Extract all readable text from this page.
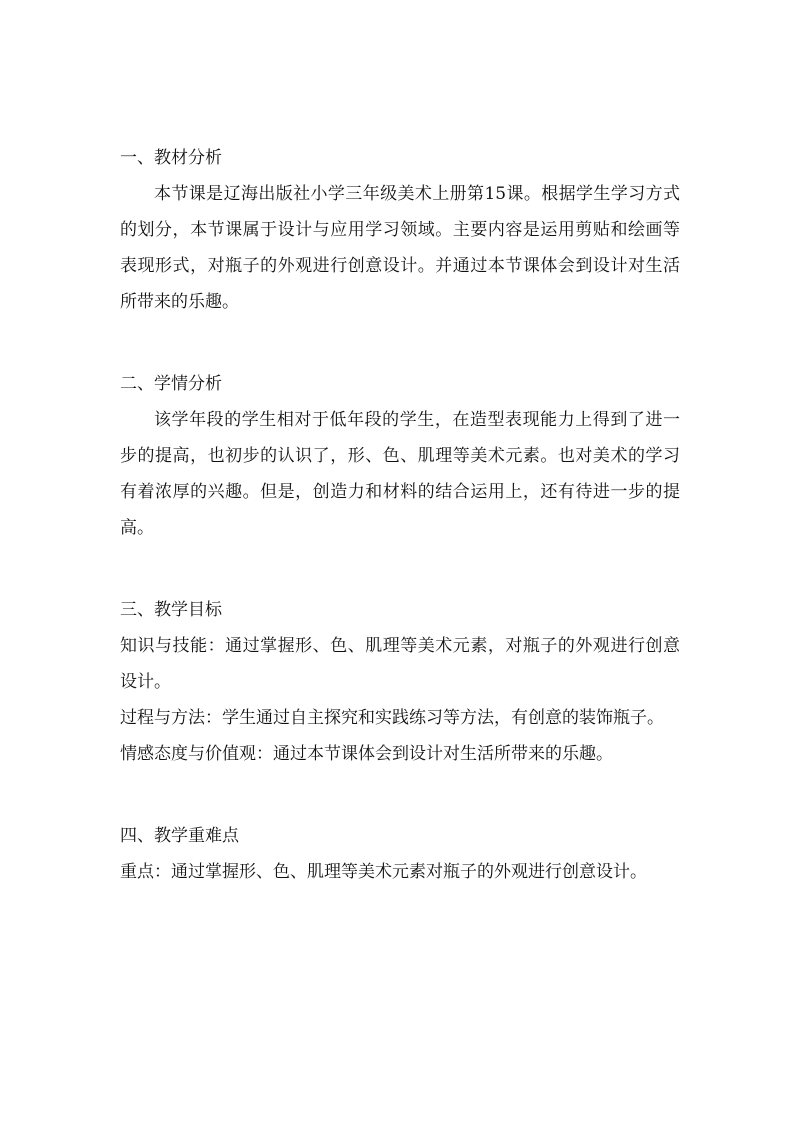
一、教材分析

本节课是辽海出版社小学三年级美术上册第15课。根据学生学习方式的划分，本节课属于设计与应用学习领域。主要内容是运用剪贴和绘画等表现形式，对瓶子的外观进行创意设计。并通过本节课体会到设计对生活所带来的乐趣。

二、学情分析

该学年段的学生相对于低年段的学生，在造型表现能力上得到了进一步的提高，也初步的认识了，形、色、肌理等美术元素。也对美术的学习有着浓厚的兴趣。但是，创造力和材料的结合运用上，还有待进一步的提高。

三、教学目标

知识与技能：通过掌握形、色、肌理等美术元素，对瓶子的外观进行创意设计。

过程与方法：学生通过自主探究和实践练习等方法，有创意的装饰瓶子。

情感态度与价值观：通过本节课体会到设计对生活所带来的乐趣。

四、教学重难点

重点：通过掌握形、色、肌理等美术元素对瓶子的外观进行创意设计。
